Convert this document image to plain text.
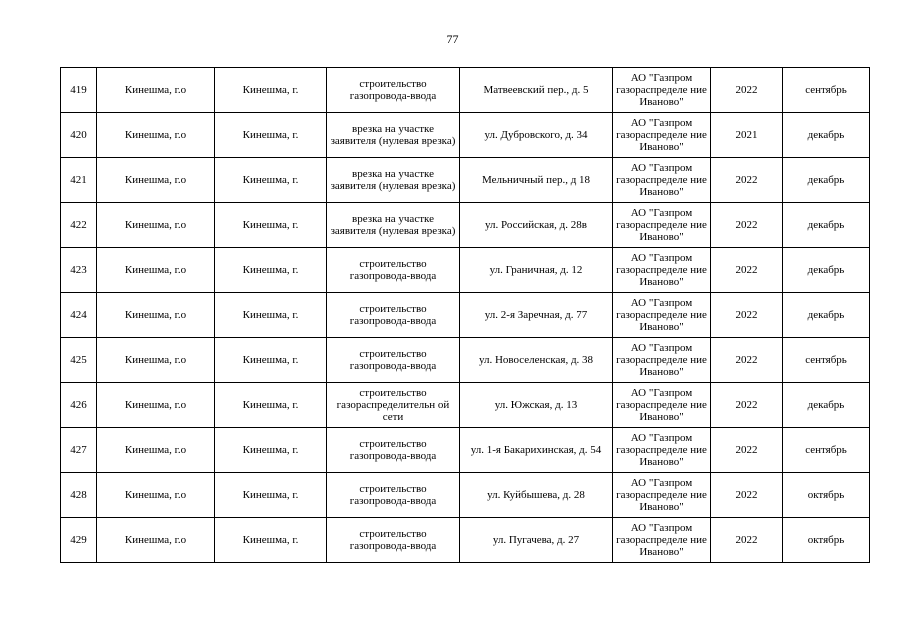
77
419	Кинешма, г.о	Кинешма, г.	строительство газопровода-ввода	Матвеевский пер., д. 5	АО "Газпром газораспределе ние Иваново"	2022	сентябрь
420	Кинешма, г.о	Кинешма, г.	врезка на участке заявителя (нулевая врезка)	ул. Дубровского, д. 34	АО "Газпром газораспределе ние Иваново"	2021	декабрь
421	Кинешма, г.о	Кинешма, г.	врезка на участке заявителя (нулевая врезка)	Мельничный пер., д 18	АО "Газпром газораспределе ние Иваново"	2022	декабрь
422	Кинешма, г.о	Кинешма, г.	врезка на участке заявителя (нулевая врезка)	ул. Российская, д. 28в	АО "Газпром газораспределе ние Иваново"	2022	декабрь
423	Кинешма, г.о	Кинешма, г.	строительство газопровода-ввода	ул. Граничная, д. 12	АО "Газпром газораспределе ние Иваново"	2022	декабрь
424	Кинешма, г.о	Кинешма, г.	строительство газопровода-ввода	ул. 2-я Заречная, д. 77	АО "Газпром газораспределе ние Иваново"	2022	декабрь
425	Кинешма, г.о	Кинешма, г.	строительство газопровода-ввода	ул. Новоселенская, д. 38	АО "Газпром газораспределе ние Иваново"	2022	сентябрь
426	Кинешма, г.о	Кинешма, г.	строительство газораспределительн ой сети	ул. Южская, д. 13	АО "Газпром газораспределе ние Иваново"	2022	декабрь
427	Кинешма, г.о	Кинешма, г.	строительство газопровода-ввода	ул. 1-я Бакарихинская, д. 54	АО "Газпром газораспределе ние Иваново"	2022	сентябрь
428	Кинешма, г.о	Кинешма, г.	строительство газопровода-ввода	ул. Куйбышева, д. 28	АО "Газпром газораспределе ние Иваново"	2022	октябрь
429	Кинешма, г.о	Кинешма, г.	строительство газопровода-ввода	ул. Пугачева, д. 27	АО "Газпром газораспределе ние Иваново"	2022	октябрь
